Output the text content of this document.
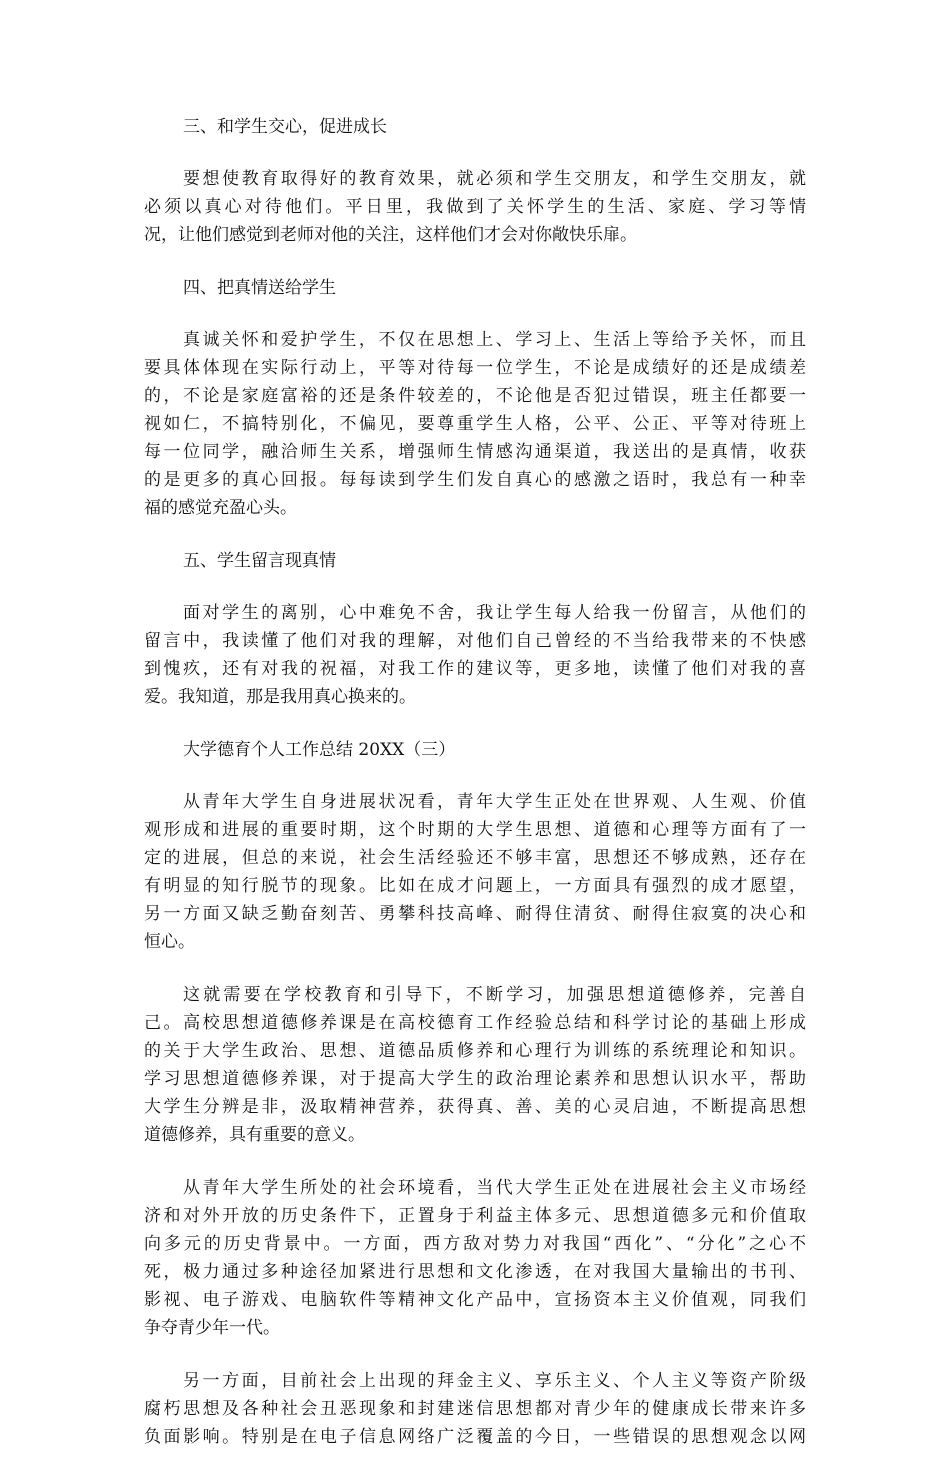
三、和学生交心，促进成长
要想使教育取得好的教育效果，就必须和学生交朋友，和学生交朋友，就
必须以真心对待他们。平日里，我做到了关怀学生的生活、家庭、学习等情
况，让他们感觉到老师对他的关注，这样他们才会对你敞快乐扉。
四、把真情送给学生
真诚关怀和爱护学生，不仅在思想上、学习上、生活上等给予关怀，而且
要具体体现在实际行动上，平等对待每一位学生，不论是成绩好的还是成绩差
的，不论是家庭富裕的还是条件较差的，不论他是否犯过错误，班主任都要一
视如仁，不搞特别化，不偏见，要尊重学生人格，公平、公正、平等对待班上
每一位同学，融洽师生关系，增强师生情感沟通渠道，我送出的是真情，收获
的是更多的真心回报。每每读到学生们发自真心的感激之语时，我总有一种幸
福的感觉充盈心头。
五、学生留言现真情
面对学生的离别，心中难免不舍，我让学生每人给我一份留言，从他们的
留言中，我读懂了他们对我的理解，对他们自己曾经的不当给我带来的不快感
到愧疚，还有对我的祝福，对我工作的建议等，更多地，读懂了他们对我的喜
爱。我知道，那是我用真心换来的。
大学德育个人工作总结 20XX（三）
从青年大学生自身进展状况看，青年大学生正处在世界观、人生观、价值
观形成和进展的重要时期，这个时期的大学生思想、道德和心理等方面有了一
定的进展，但总的来说，社会生活经验还不够丰富，思想还不够成熟，还存在
有明显的知行脱节的现象。比如在成才问题上，一方面具有强烈的成才愿望，
另一方面又缺乏勤奋刻苦、勇攀科技高峰、耐得住清贫、耐得住寂寞的决心和
恒心。
这就需要在学校教育和引导下，不断学习，加强思想道德修养，完善自
己。高校思想道德修养课是在高校德育工作经验总结和科学讨论的基础上形成
的关于大学生政治、思想、道德品质修养和心理行为训练的系统理论和知识。
学习思想道德修养课，对于提高大学生的政治理论素养和思想认识水平，帮助
大学生分辨是非，汲取精神营养，获得真、善、美的心灵启迪，不断提高思想
道德修养，具有重要的意义。
从青年大学生所处的社会环境看，当代大学生正处在进展社会主义市场经
济和对外开放的历史条件下，正置身于利益主体多元、思想道德多元和价值取
向多元的历史背景中。一方面，西方敌对势力对我国“西化”、“分化”之心不
死，极力通过多种途径加紧进行思想和文化渗透，在对我国大量输出的书刊、
影视、电子游戏、电脑软件等精神文化产品中，宣扬资本主义价值观，同我们
争夺青少年一代。
另一方面，目前社会上出现的拜金主义、享乐主义、个人主义等资产阶级
腐朽思想及各种社会丑恶现象和封建迷信思想都对青少年的健康成长带来许多
负面影响。特别是在电子信息网络广泛覆盖的今日，一些错误的思想观念以网
